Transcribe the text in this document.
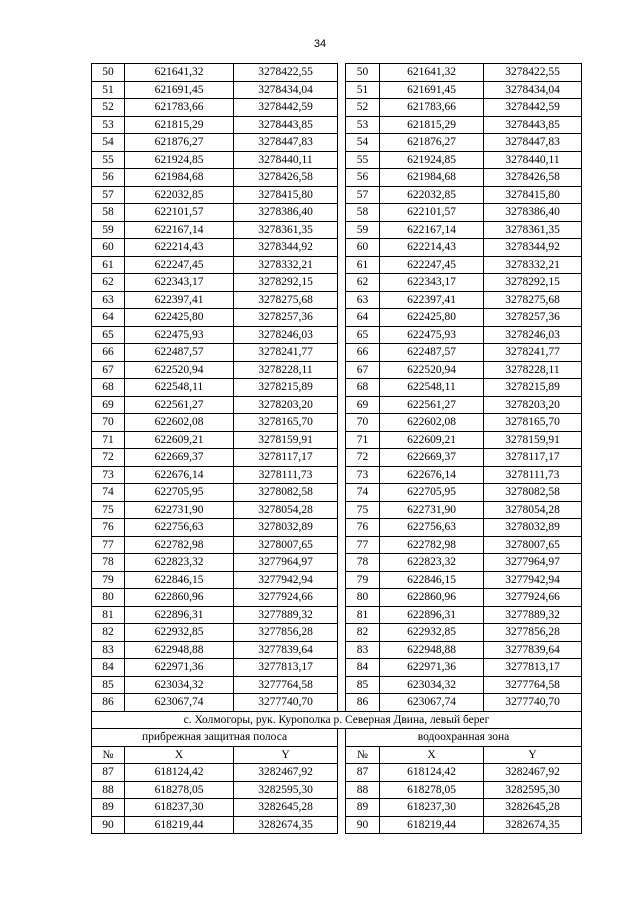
34
50	621641,32	3278422,55		50	621641,32	3278422,55
51	621691,45	3278434,04		51	621691,45	3278434,04
52	621783,66	3278442,59		52	621783,66	3278442,59
53	621815,29	3278443,85		53	621815,29	3278443,85
54	621876,27	3278447,83		54	621876,27	3278447,83
55	621924,85	3278440,11		55	621924,85	3278440,11
56	621984,68	3278426,58		56	621984,68	3278426,58
57	622032,85	3278415,80		57	622032,85	3278415,80
58	622101,57	3278386,40		58	622101,57	3278386,40
59	622167,14	3278361,35		59	622167,14	3278361,35
60	622214,43	3278344,92		60	622214,43	3278344,92
61	622247,45	3278332,21		61	622247,45	3278332,21
62	622343,17	3278292,15		62	622343,17	3278292,15
63	622397,41	3278275,68		63	622397,41	3278275,68
64	622425,80	3278257,36		64	622425,80	3278257,36
65	622475,93	3278246,03		65	622475,93	3278246,03
66	622487,57	3278241,77		66	622487,57	3278241,77
67	622520,94	3278228,11		67	622520,94	3278228,11
68	622548,11	3278215,89		68	622548,11	3278215,89
69	622561,27	3278203,20		69	622561,27	3278203,20
70	622602,08	3278165,70		70	622602,08	3278165,70
71	622609,21	3278159,91		71	622609,21	3278159,91
72	622669,37	3278117,17		72	622669,37	3278117,17
73	622676,14	3278111,73		73	622676,14	3278111,73
74	622705,95	3278082,58		74	622705,95	3278082,58
75	622731,90	3278054,28		75	622731,90	3278054,28
76	622756,63	3278032,89		76	622756,63	3278032,89
77	622782,98	3278007,65		77	622782,98	3278007,65
78	622823,32	3277964,97		78	622823,32	3277964,97
79	622846,15	3277942,94		79	622846,15	3277942,94
80	622860,96	3277924,66		80	622860,96	3277924,66
81	622896,31	3277889,32		81	622896,31	3277889,32
82	622932,85	3277856,28		82	622932,85	3277856,28
83	622948,88	3277839,64		83	622948,88	3277839,64
84	622971,36	3277813,17		84	622971,36	3277813,17
85	623034,32	3277764,58		85	623034,32	3277764,58
86	623067,74	3277740,70		86	623067,74	3277740,70
с. Холмогоры, рук. Курополка р. Северная Двина, левый берег						
прибрежная защитная полоса				водоохранная зона		
№	X	Y		№	X	Y
87	618124,42	3282467,92		87	618124,42	3282467,92
88	618278,05	3282595,30		88	618278,05	3282595,30
89	618237,30	3282645,28		89	618237,30	3282645,28
90	618219,44	3282674,35		90	618219,44	3282674,35
